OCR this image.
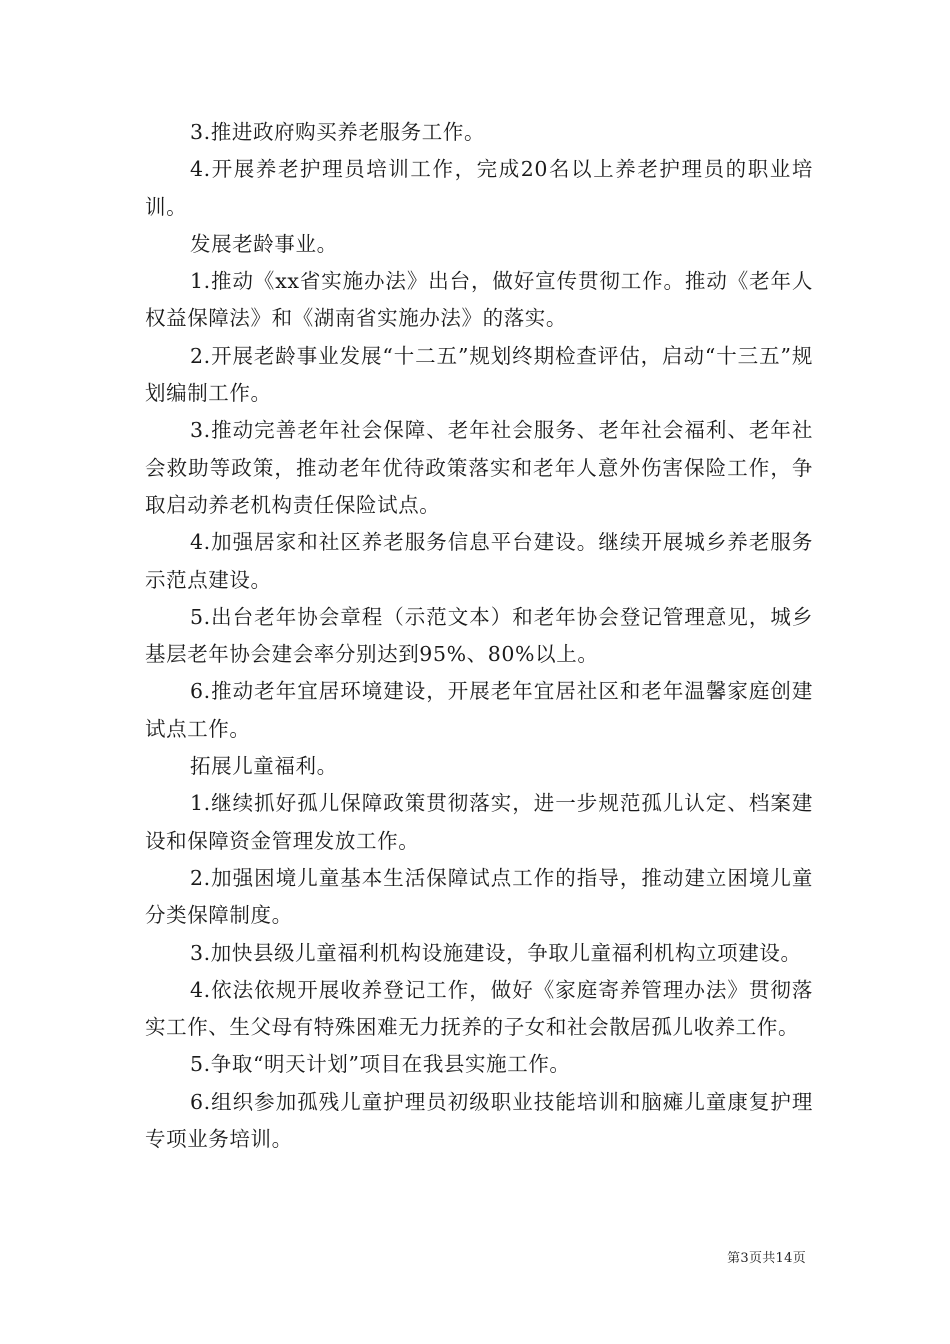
3.推进政府购买养老服务工作。

4.开展养老护理员培训工作，完成20名以上养老护理员的职业培训。

发展老龄事业。

1.推动《xx省实施办法》出台，做好宣传贯彻工作。推动《老年人权益保障法》和《湖南省实施办法》的落实。

2.开展老龄事业发展“十二五”规划终期检查评估，启动“十三五”规划编制工作。

3.推动完善老年社会保障、老年社会服务、老年社会福利、老年社会救助等政策，推动老年优待政策落实和老年人意外伤害保险工作，争取启动养老机构责任保险试点。

4.加强居家和社区养老服务信息平台建设。继续开展城乡养老服务示范点建设。

5.出台老年协会章程（示范文本）和老年协会登记管理意见，城乡基层老年协会建会率分别达到95%、80%以上。

6.推动老年宜居环境建设，开展老年宜居社区和老年温馨家庭创建试点工作。

拓展儿童福利。

1.继续抓好孤儿保障政策贯彻落实，进一步规范孤儿认定、档案建设和保障资金管理发放工作。

2.加强困境儿童基本生活保障试点工作的指导，推动建立困境儿童分类保障制度。

3.加快县级儿童福利机构设施建设，争取儿童福利机构立项建设。

4.依法依规开展收养登记工作，做好《家庭寄养管理办法》贯彻落实工作、生父母有特殊困难无力抚养的子女和社会散居孤儿收养工作。

5.争取“明天计划”项目在我县实施工作。

6.组织参加孤残儿童护理员初级职业技能培训和脑瘫儿童康复护理专项业务培训。

第3页共14页
